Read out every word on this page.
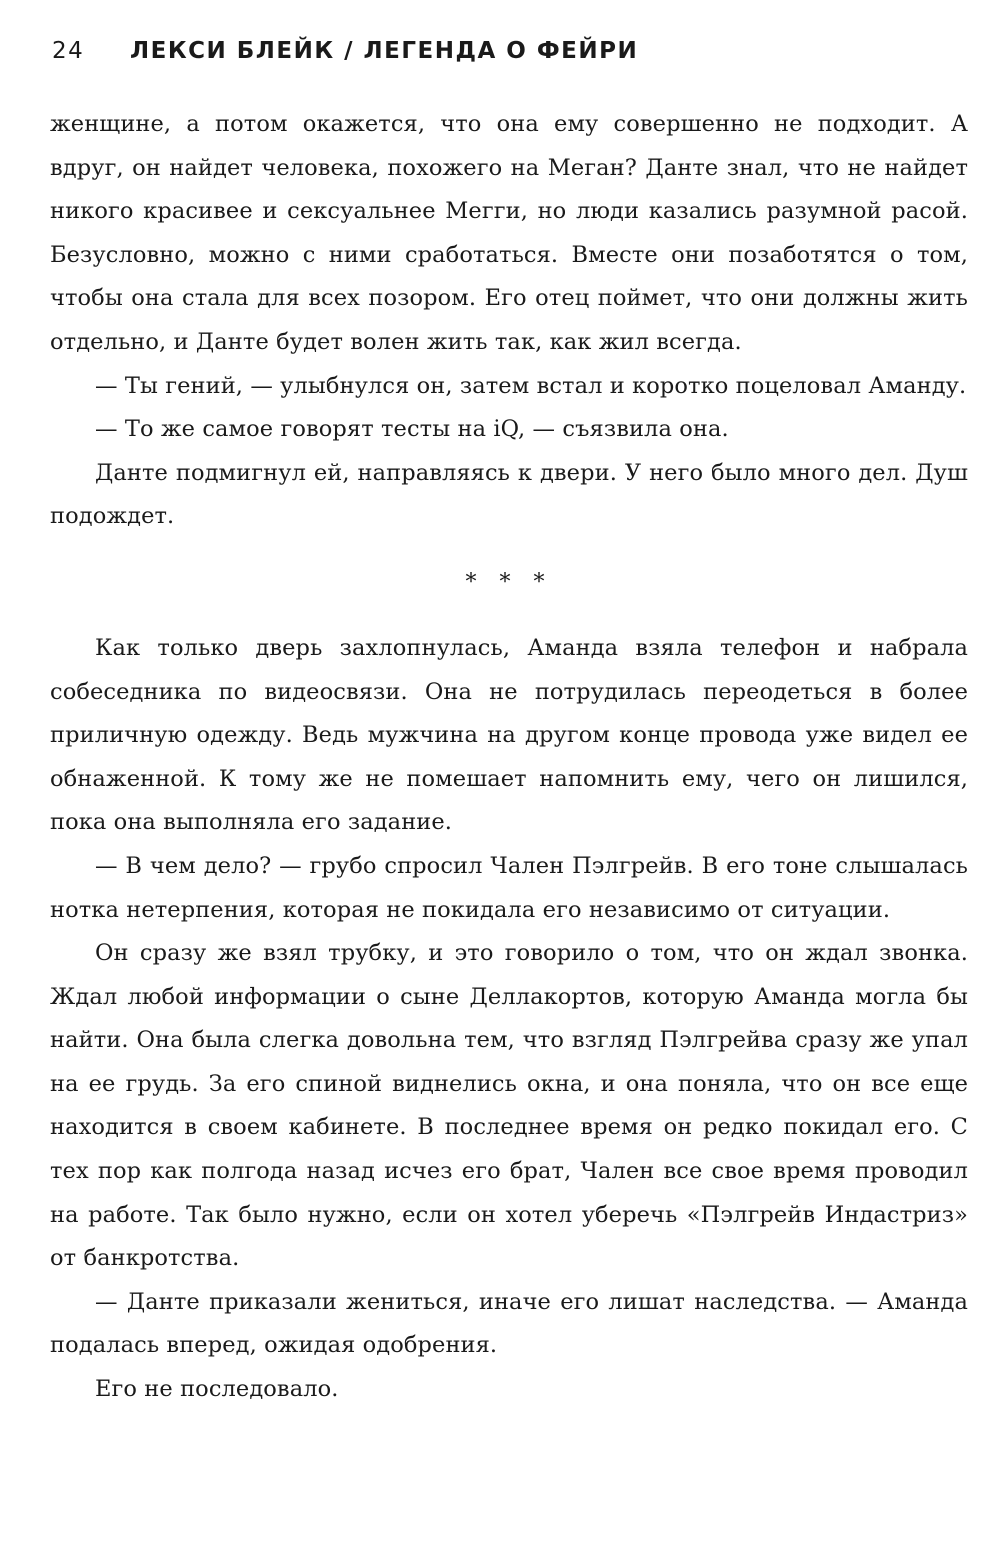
24 ЛЕКСИ БЛЕЙК / ЛЕГЕНДА О ФЕЙРИ

женщине, а потом окажется, что она ему совершенно не подходит. А вдруг, он найдет человека, похожего на Меган? Данте знал, что не найдет никого красивее и сексуальнее Мегги, но люди казались разумной расой. Безусловно, можно с ними сработаться. Вместе они позаботятся о том, чтобы она стала для всех позором. Его отец поймет, что они должны жить отдельно, и Данте будет волен жить так, как жил всегда.

— Ты гений, — улыбнулся он, затем встал и коротко поцеловал Аманду.

— То же самое говорят тесты на iQ, — съязвила она.

Данте подмигнул ей, направляясь к двери. У него было много дел. Душ подождет.

* * *

Как только дверь захлопнулась, Аманда взяла телефон и набрала собеседника по видеосвязи. Она не потрудилась переодеться в более приличную одежду. Ведь мужчина на другом конце провода уже видел ее обнаженной. К тому же не помешает напомнить ему, чего он лишился, пока она выполняла его задание.

— В чем дело? — грубо спросил Чален Пэлгрейв. В его тоне слышалась нотка нетерпения, которая не покидала его независимо от ситуации.

Он сразу же взял трубку, и это говорило о том, что он ждал звонка. Ждал любой информации о сыне Деллакортов, которую Аманда могла бы найти. Она была слегка довольна тем, что взгляд Пэлгрейва сразу же упал на ее грудь. За его спиной виднелись окна, и она поняла, что он все еще находится в своем кабинете. В последнее время он редко покидал его. С тех пор как полгода назад исчез его брат, Чален все свое время проводил на работе. Так было нужно, если он хотел уберечь «Пэлгрейв Индастриз» от банкротства.

— Данте приказали жениться, иначе его лишат наследства. — Аманда подалась вперед, ожидая одобрения.

Его не последовало.
